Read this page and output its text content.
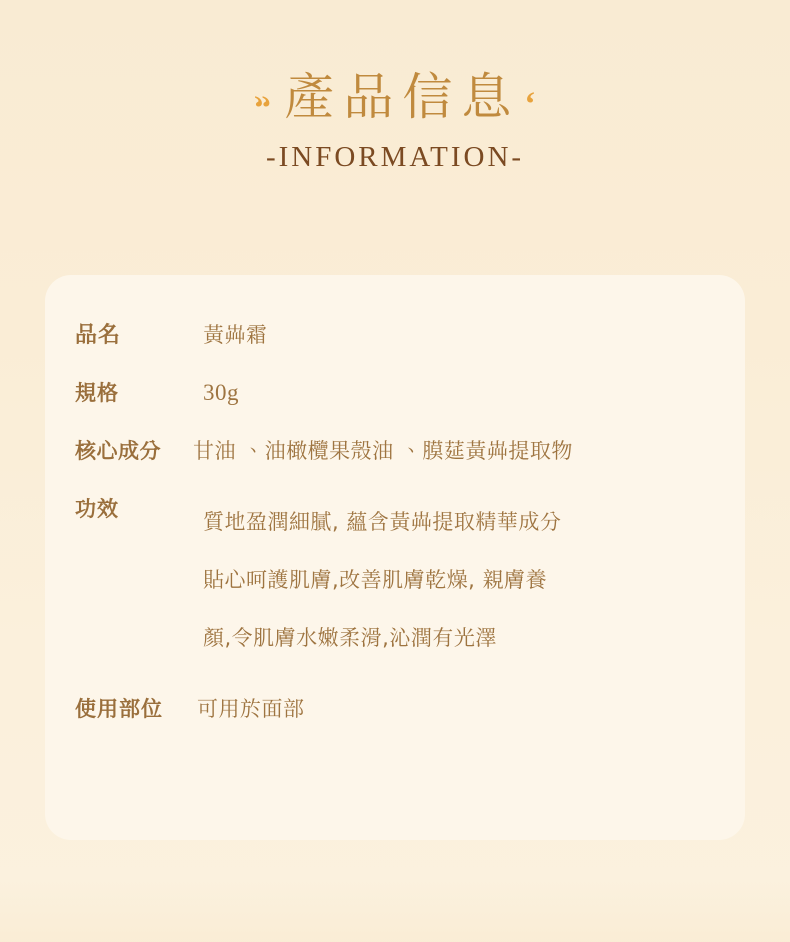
“ 產品信息 ‘
-INFORMATION-
品名	黃芔霜
規格	30g
核心成分	甘油 、油橄欖果殼油 、膜莚黃芔提取物
功效

質地盈潤細膩, 蘊含黃芔提取精華成分

貼心呵護肌膚,改善肌膚乾燥, 親膚養

顏,令肌膚水嫩柔滑,沁潤有光澤

使用部位	可用於面部
